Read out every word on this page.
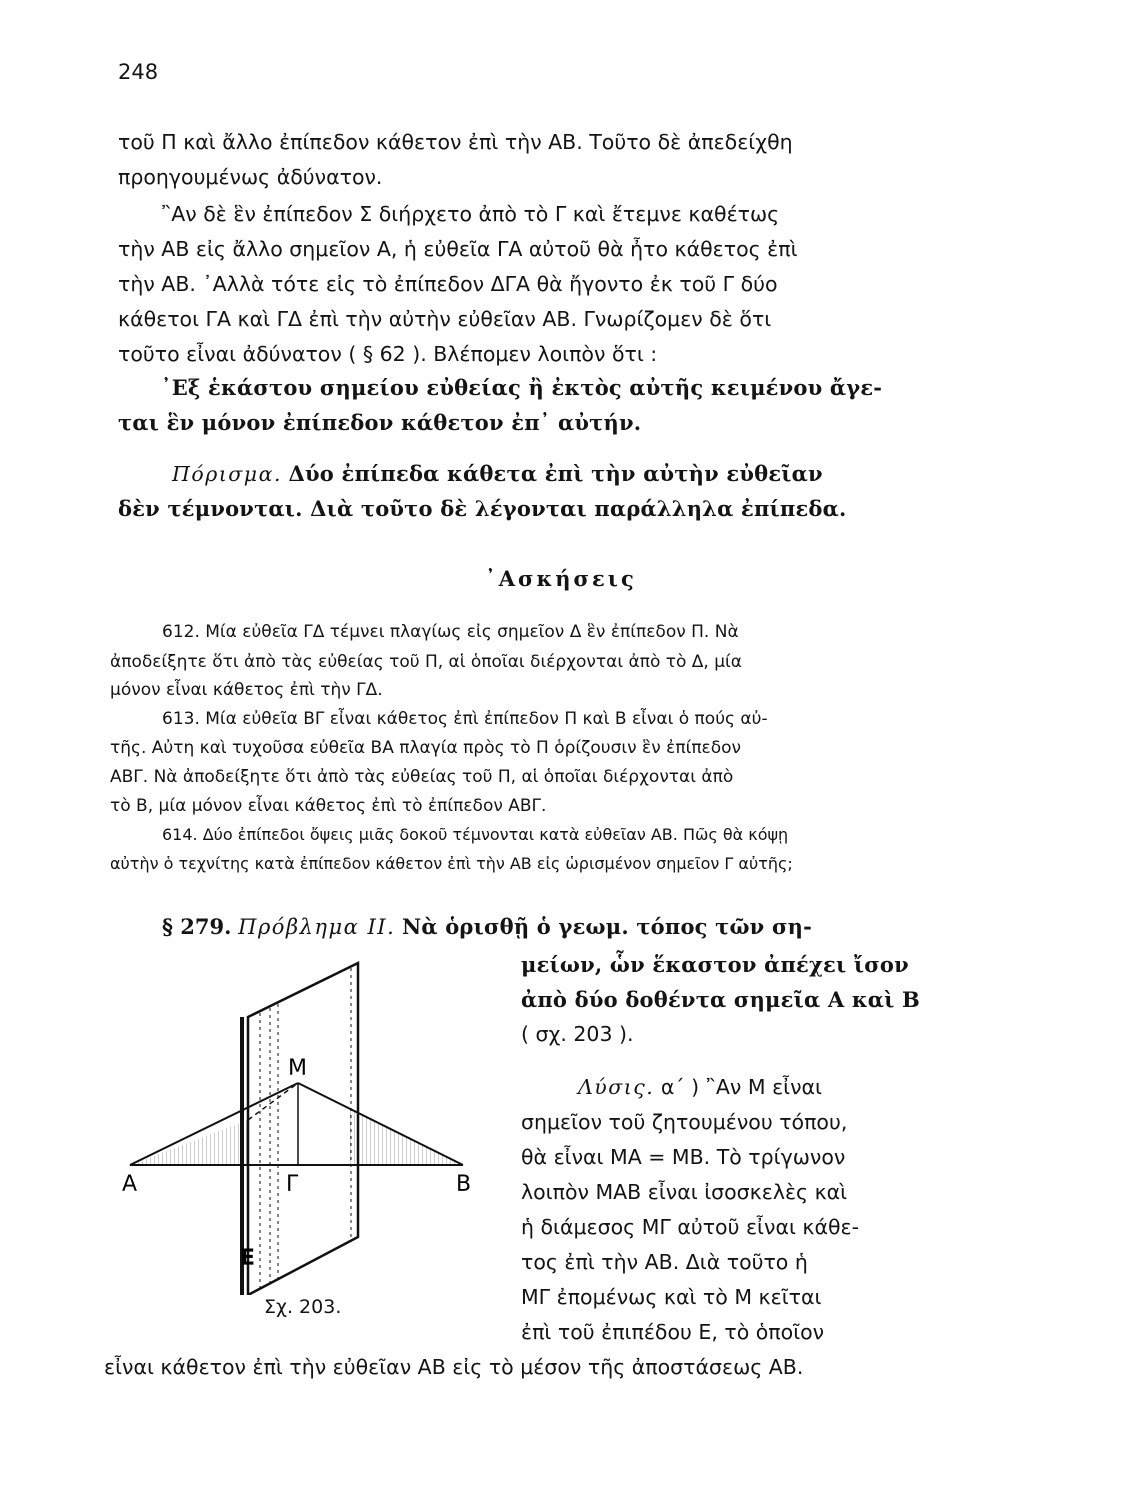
248
τοῦ Π καὶ ἄλλο ἐπίπεδον κάθετον ἐπὶ τὴν ΑΒ. Τοῦτο δὲ ἀπεδείχθη
προηγουμένως ἀδύνατον.
῍Αν δὲ ἓν ἐπίπεδον Σ διήρχετο ἀπὸ τὸ Γ καὶ ἔτεμνε καθέτως
τὴν ΑΒ εἰς ἄλλο σημεῖον Α, ἡ εὐθεῖα ΓΑ αὐτοῦ θὰ ἦτο κάθετος ἐπὶ
τὴν ΑΒ. ᾿Αλλὰ τότε εἰς τὸ ἐπίπεδον ΔΓΑ θὰ ἤγοντο ἐκ τοῦ Γ δύο
κάθετοι ΓΑ καὶ ΓΔ ἐπὶ τὴν αὐτὴν εὐθεῖαν ΑΒ. Γνωρίζομεν δὲ ὅτι
τοῦτο εἶναι ἀδύνατον ( § 62 ). Βλέπομεν λοιπὸν ὅτι :
᾿Εξ ἑκάστου σημείου εὐθείας ἢ ἐκτὸς αὐτῆς κειμένου ἄγε-
ται ἓν μόνον ἐπίπεδον κάθετον ἐπ᾿ αὐτήν.
Πόρισμα. Δύο ἐπίπεδα κάθετα ἐπὶ τὴν αὐτὴν εὐθεῖαν
δὲν τέμνονται. Διὰ τοῦτο δὲ λέγονται παράλληλα ἐπίπεδα.
᾿Ασκήσεις
612. Μία εὐθεῖα ΓΔ τέμνει πλαγίως εἰς σημεῖον Δ ἓν ἐπίπεδον Π. Νὰ
ἀποδείξητε ὅτι ἀπὸ τὰς εὐθείας τοῦ Π, αἱ ὁποῖαι διέρχονται ἀπὸ τὸ Δ, μία
μόνον εἶναι κάθετος ἐπὶ τὴν ΓΔ.
613. Μία εὐθεῖα ΒΓ εἶναι κάθετος ἐπὶ ἐπίπεδον Π καὶ Β εἶναι ὁ πούς αὐ-
τῆς. Αὐτη καὶ τυχοῦσα εὐθεῖα ΒΑ πλαγία πρὸς τὸ Π ὁρίζουσιν ἓν ἐπίπεδον
ΑΒΓ. Νὰ ἀποδείξητε ὅτι ἀπὸ τὰς εὐθείας τοῦ Π, αἱ ὁποῖαι διέρχονται ἀπὸ
τὸ Β, μία μόνον εἶναι κάθετος ἐπὶ τὸ ἐπίπεδον ΑΒΓ.
614. Δύο ἐπίπεδοι ὄψεις μιᾶς δοκοῦ τέμνονται κατὰ εὐθεῖαν ΑΒ. Πῶς θὰ κόψῃ
αὐτὴν ὁ τεχνίτης κατὰ ἐπίπεδον κάθετον ἐπὶ τὴν ΑΒ εἰς ὡρισμένον σημεῖον Γ αὐτῆς;
§ 279. Πρόβλημα ΙΙ. Νὰ ὁρισθῇ ὁ γεωμ. τόπος τῶν ση-
μείων, ὧν ἕκαστον ἀπέχει ἴσον
ἀπὸ δύο δοθέντα σημεῖα Α καὶ Β
( σχ. 203 ).
Λύσις. α΄ ) ῍Αν Μ εἶναι
σημεῖον τοῦ ζητουμένου τόπου,
θὰ εἶναι ΜΑ = ΜΒ. Τὸ τρίγωνον
λοιπὸν ΜΑΒ εἶναι ἰσοσκελὲς καὶ
ἡ διάμεσος ΜΓ αὐτοῦ εἶναι κάθε-
τος ἐπὶ τὴν ΑΒ. Διὰ τοῦτο ἡ
ΜΓ ἐπομένως καὶ τὸ Μ κεῖται
ἐπὶ τοῦ ἐπιπέδου Ε, τὸ ὁποῖον
εἶναι κάθετον ἐπὶ τὴν εὐθεῖαν ΑΒ εἰς τὸ μέσον τῆς ἀποστάσεως ΑΒ.
Μ
Α	Γ	Β
Ε
Σχ. 203.
